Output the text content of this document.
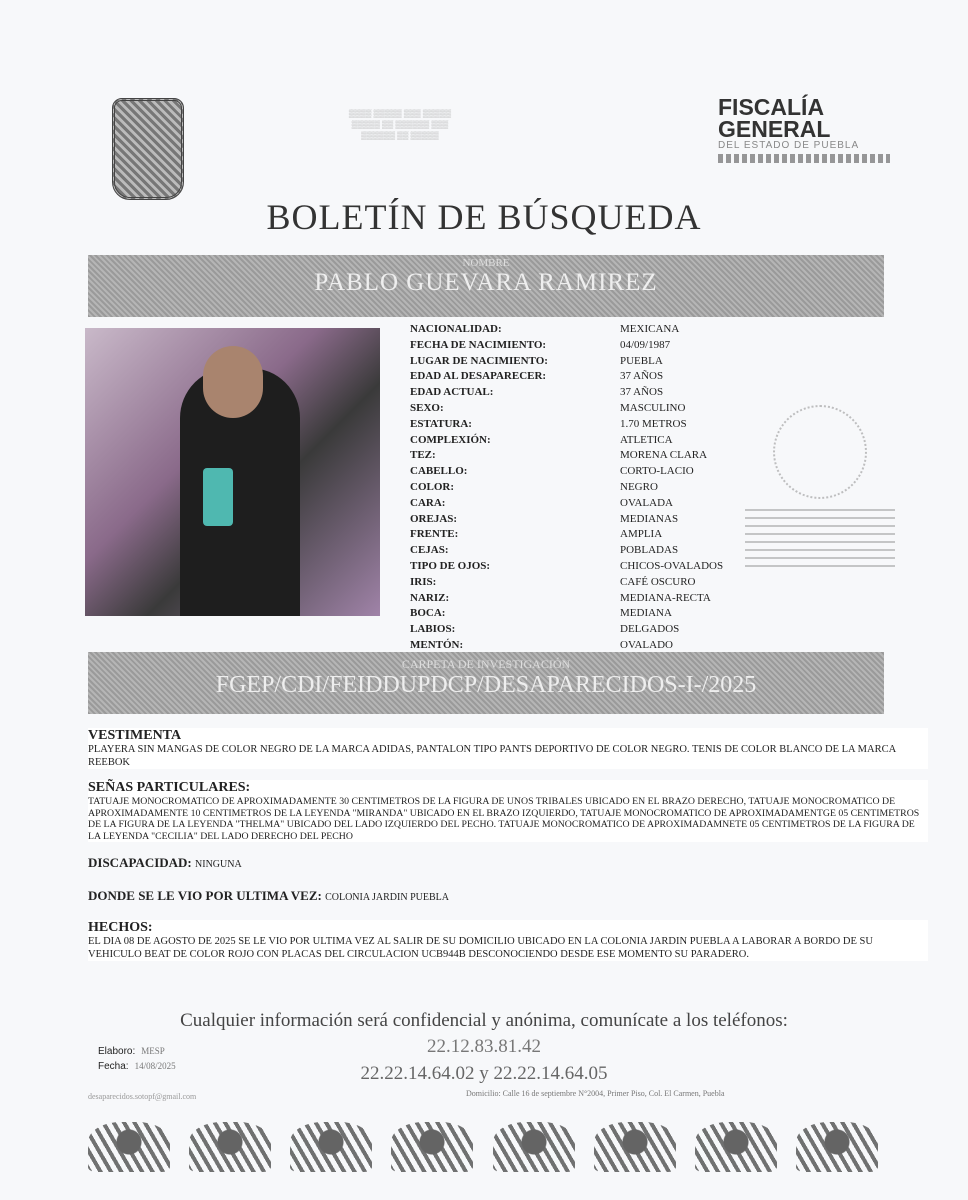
▒▒▒▒ ▒▒▒▒▒ ▒▒▒ ▒▒▒▒▒
▒▒▒▒▒ ▒▒ ▒▒▒▒▒▒ ▒▒▒
▒▒▒▒▒▒ ▒▒ ▒▒▒▒▒
FISCALÍA
GENERAL
DEL ESTADO DE PUEBLA
BOLETÍN DE BÚSQUEDA
NOMBRE
PABLO GUEVARA RAMIREZ
NACIONALIDAD:	MEXICANA
FECHA DE NACIMIENTO:	04/09/1987
LUGAR DE NACIMIENTO:	PUEBLA
EDAD AL DESAPARECER:	37 AÑOS
EDAD ACTUAL:	37 AÑOS
SEXO:	MASCULINO
ESTATURA:	1.70 METROS
COMPLEXIÓN:	ATLETICA
TEZ:	MORENA CLARA
CABELLO:	CORTO-LACIO
COLOR:	NEGRO
CARA:	OVALADA
OREJAS:	MEDIANAS
FRENTE:	AMPLIA
CEJAS:	POBLADAS
TIPO DE OJOS:	CHICOS-OVALADOS
IRIS:	CAFÉ OSCURO
NARIZ:	MEDIANA-RECTA
BOCA:	MEDIANA
LABIOS:	DELGADOS
MENTÓN:	OVALADO
CARPETA DE INVESTIGACIÓN
FGEP/CDI/FEIDDUPDCP/DESAPARECIDOS-I-/2025
VESTIMENTA

PLAYERA SIN MANGAS DE COLOR NEGRO DE LA MARCA ADIDAS, PANTALON TIPO PANTS DEPORTIVO DE COLOR NEGRO. TENIS DE COLOR BLANCO DE LA MARCA REEBOK

SEÑAS PARTICULARES:

TATUAJE MONOCROMATICO DE APROXIMADAMENTE 30 CENTIMETROS DE LA FIGURA DE UNOS TRIBALES UBICADO EN EL BRAZO DERECHO, TATUAJE MONOCROMATICO DE APROXIMADAMENTE 10 CENTIMETROS DE LA LEYENDA "MIRANDA" UBICADO EN EL BRAZO IZQUIERDO, TATUAJE MONOCROMATICO DE APROXIMADAMENTGE 05 CENTIMETROS DE LA FIGURA DE LA LEYENDA "THELMA" UBICADO DEL LADO IZQUIERDO DEL PECHO. TATUAJE MONOCROMATICO DE APROXIMADAMNETE 05 CENTIMETROS DE LA FIGURA DE LA LEYENDA "CECILIA" DEL LADO DERECHO DEL PECHO

DISCAPACIDAD: NINGUNA
DONDE SE LE VIO POR ULTIMA VEZ: COLONIA JARDIN PUEBLA
HECHOS:

EL DIA 08 DE AGOSTO DE 2025 SE LE VIO POR ULTIMA VEZ AL SALIR DE SU DOMICILIO UBICADO EN LA COLONIA JARDIN PUEBLA A LABORAR A BORDO DE SU VEHICULO BEAT DE COLOR ROJO CON PLACAS DEL CIRCULACION UCB944B DESCONOCIENDO DESDE ESE MOMENTO SU PARADERO.

Cualquier información será confidencial y anónima, comunícate a los teléfonos:
22.12.83.81.42
22.22.14.64.02 y 22.22.14.64.05
Elaboro: MESP
Fecha: 14/08/2025
desaparecidos.sotopf@gmail.com	Domicilio: Calle 16 de septiembre N°2004, Primer Piso, Col. El Carmen, Puebla
